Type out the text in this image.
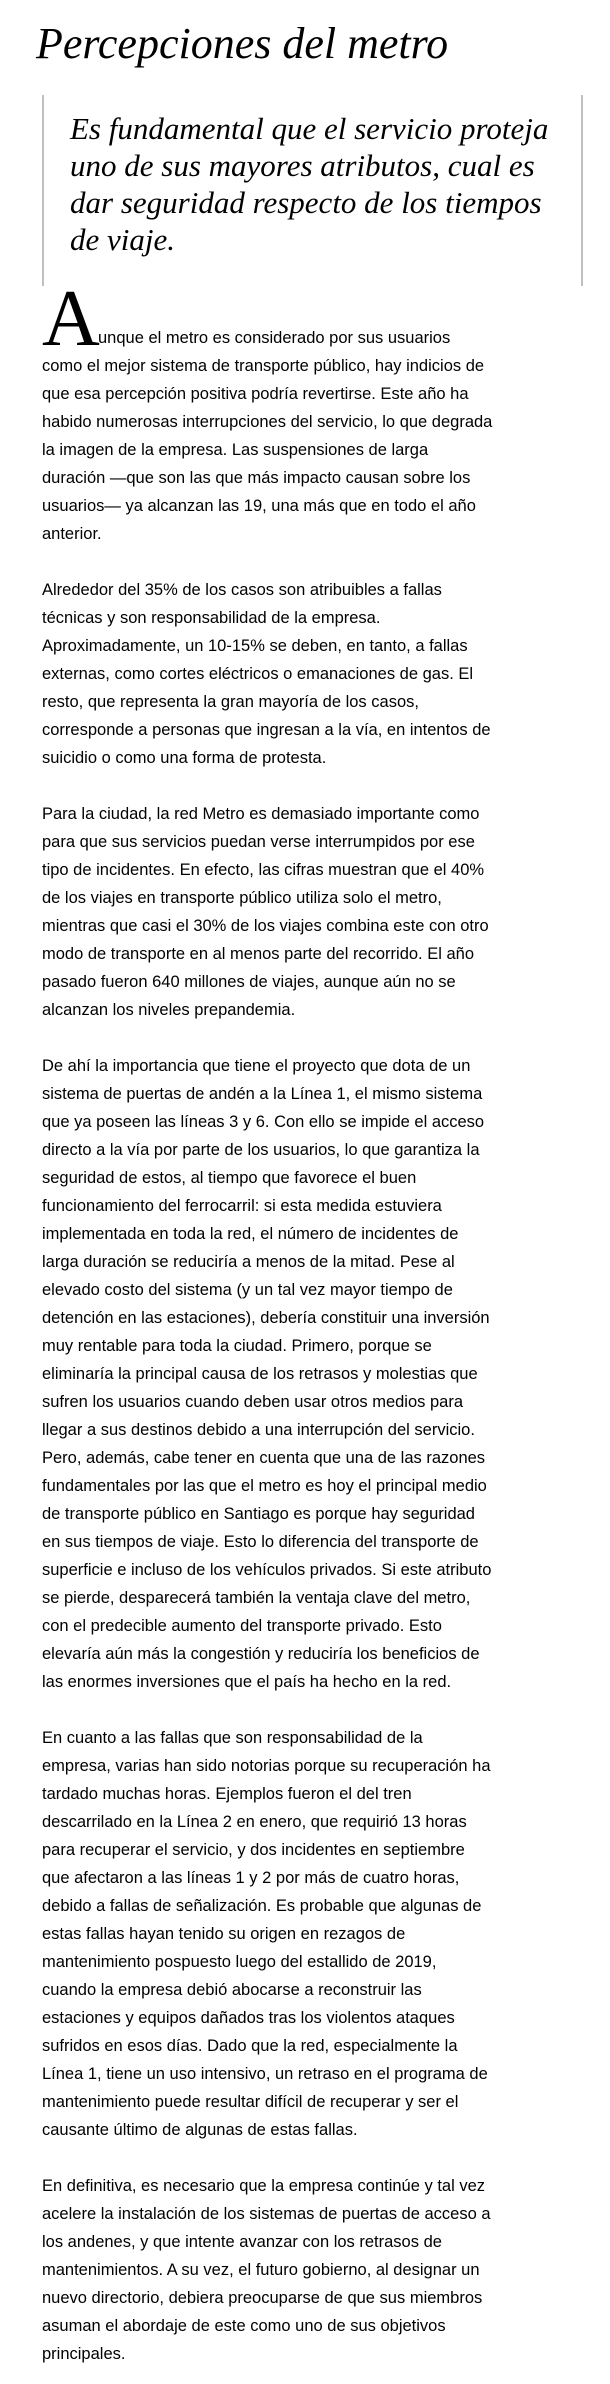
Percepciones del metro

Es fundamental que el servicio proteja uno de sus mayores atributos, cual es dar seguridad respecto de los tiempos de viaje.

A
unque el metro es considerado por sus usuarios como el mejor sistema de transporte público, hay indicios de que esa percepción positiva podría revertirse. Este año ha habido numerosas interrupciones del servicio, lo que degrada la imagen de la empresa. Las suspensiones de larga duración —que son las que más impacto causan sobre los usuarios— ya alcanzan las 19, una más que en todo el año anterior.

Alrededor del 35% de los casos son atribuibles a fallas técnicas y son responsabilidad de la empresa. Aproximadamente, un 10-15% se deben, en tanto, a fallas externas, como cortes eléctricos o emanaciones de gas. El resto, que representa la gran mayoría de los casos, corresponde a personas que ingresan a la vía, en intentos de suicidio o como una forma de protesta.

Para la ciudad, la red Metro es demasiado importante como para que sus servicios puedan verse interrumpidos por ese tipo de incidentes. En efecto, las cifras muestran que el 40% de los viajes en transporte público utiliza solo el metro, mientras que casi el 30% de los viajes combina este con otro modo de transporte en al menos parte del recorrido. El año pasado fueron 640 millones de viajes, aunque aún no se alcanzan los niveles prepandemia.

De ahí la importancia que tiene el proyecto que dota de un sistema de puertas de andén a la Línea 1, el mismo sistema que ya poseen las líneas 3 y 6. Con ello se impide el acceso directo a la vía por parte de los usuarios, lo que garantiza la seguridad de estos, al tiempo que favorece el buen funcionamiento del ferrocarril: si esta medida estuviera implementada en toda la red, el número de incidentes de larga duración se reduciría a menos de la mitad. Pese al elevado costo del sistema (y un tal vez mayor tiempo de detención en las estaciones), debería constituir una inversión muy rentable para toda la ciudad. Primero, porque se eliminaría la principal causa de los retrasos y molestias que sufren los usuarios cuando deben usar otros medios para llegar a sus destinos debido a una interrupción del servicio. Pero, además, cabe tener en cuenta que una de las razones fundamentales por las que el metro es hoy el principal medio de transporte público en Santiago es porque hay seguridad en sus tiempos de viaje. Esto lo diferencia del transporte de superficie e incluso de los vehículos privados. Si este atributo se pierde, desparecerá también la ventaja clave del metro, con el predecible aumento del transporte privado. Esto elevaría aún más la congestión y reduciría los beneficios de las enormes inversiones que el país ha hecho en la red.

En cuanto a las fallas que son responsabilidad de la empresa, varias han sido notorias porque su recuperación ha tardado muchas horas. Ejemplos fueron el del tren descarrilado en la Línea 2 en enero, que requirió 13 horas para recuperar el servicio, y dos incidentes en septiembre que afectaron a las líneas 1 y 2 por más de cuatro horas, debido a fallas de señalización. Es probable que algunas de estas fallas hayan tenido su origen en rezagos de mantenimiento pospuesto luego del estallido de 2019, cuando la empresa debió abocarse a reconstruir las estaciones y equipos dañados tras los violentos ataques sufridos en esos días. Dado que la red, especialmente la Línea 1, tiene un uso intensivo, un retraso en el programa de mantenimiento puede resultar difícil de recuperar y ser el causante último de algunas de estas fallas.

En definitiva, es necesario que la empresa continúe y tal vez acelere la instalación de los sistemas de puertas de acceso a los andenes, y que intente avanzar con los retrasos de mantenimientos. A su vez, el futuro gobierno, al designar un nuevo directorio, debiera preocuparse de que sus miembros asuman el abordaje de este como uno de sus objetivos principales.
